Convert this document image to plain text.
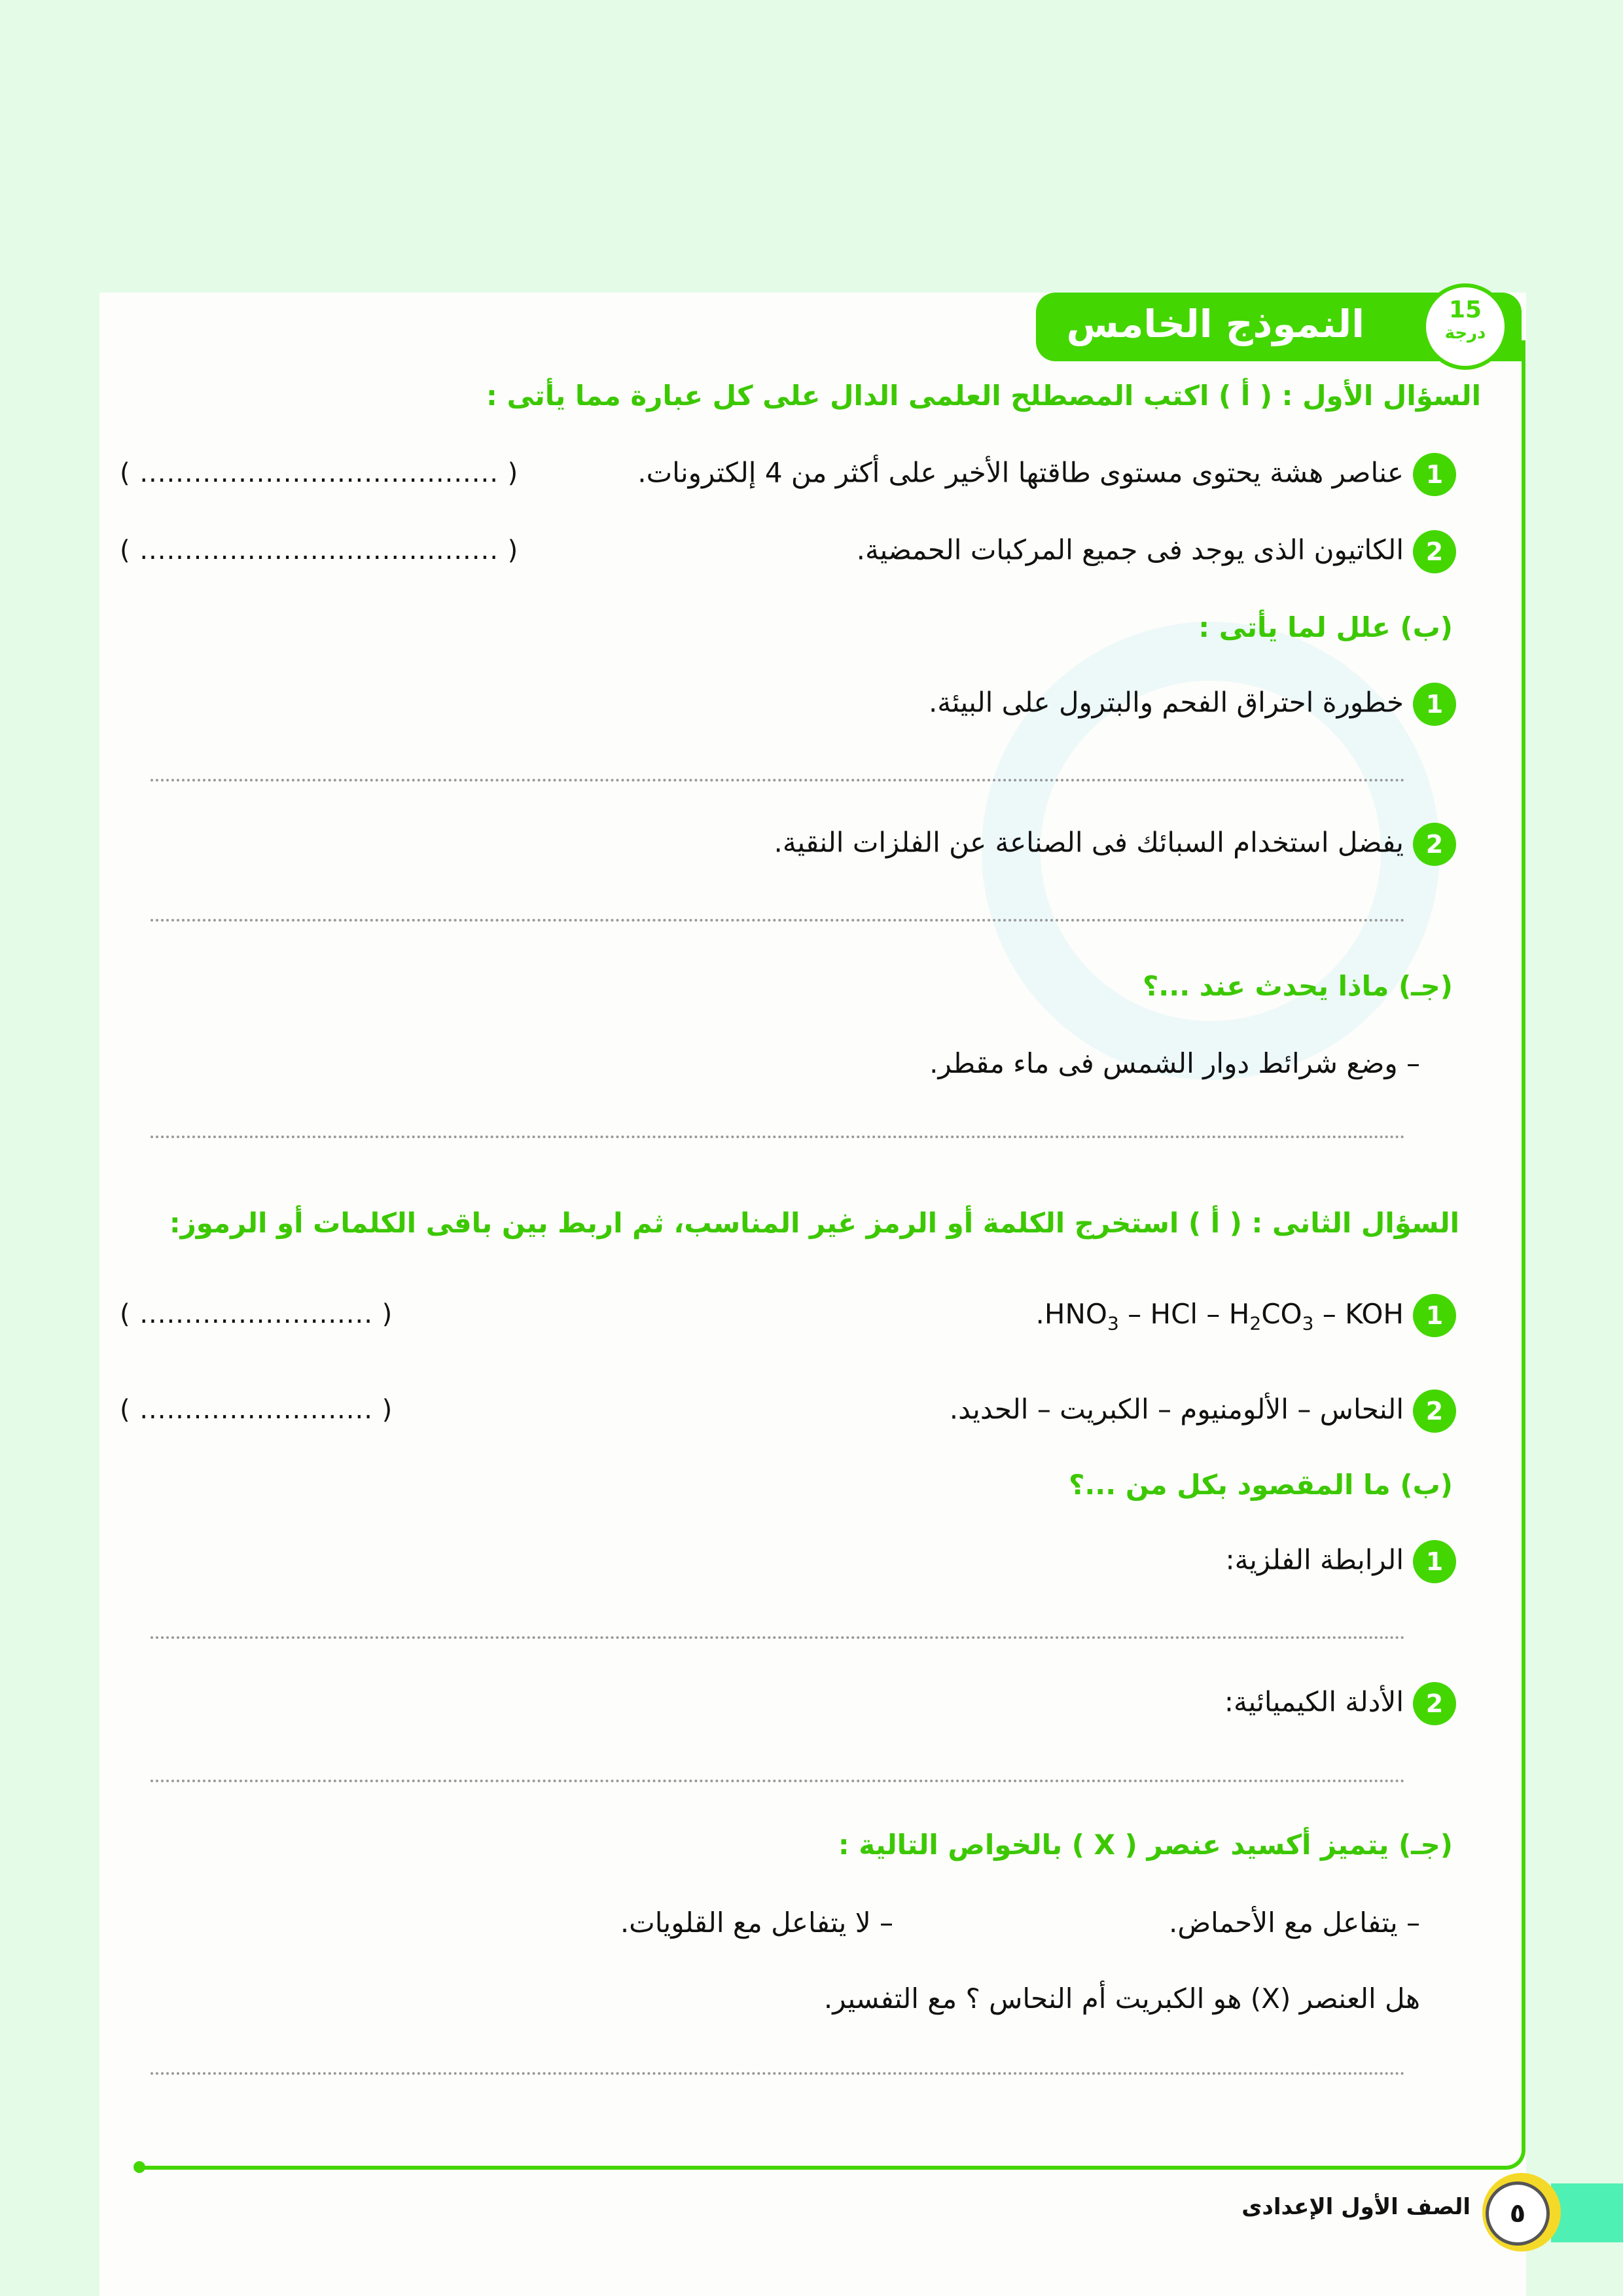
النموذج الخامس	15
درجة
السؤال الأول : ( أ ) اكتب المصطلح العلمى الدال على كل عبارة مما يأتى :
1عناصر هشة يحتوى مستوى طاقتها الأخير على أكثر من 4 إلكترونات.
( ........................................ )
2الكاتيون الذى يوجد فى جميع المركبات الحمضية.
( ........................................ )
(ب) علل لما يأتى :
1خطورة احتراق الفحم والبترول على البيئة.
2يفضل استخدام السبائك فى الصناعة عن الفلزات النقية.
(جـ) ماذا يحدث عند ...؟
– وضع شرائط دوار الشمس فى ماء مقطر.
السؤال الثانى : ( أ ) استخرج الكلمة أو الرمز غير المناسب، ثم اربط بين باقى الكلمات أو الرموز:
$1.HNO_3$ – HCl – $H_2CO_3$ – KOH
( .......................... )
2النحاس – الألومنيوم – الكبريت – الحديد.
( .......................... )
(ب) ما المقصود بكل من ...؟
1الرابطة الفلزية:
2الأدلة الكيميائية:
(جـ) يتميز أكسيد عنصر ( X ) بالخواص التالية :
– يتفاعل مع الأحماض.
– لا يتفاعل مع القلويات.
هل العنصر (X) هو الكبريت أم النحاس ؟ مع التفسير.
٥
الصف الأول الإعدادى
